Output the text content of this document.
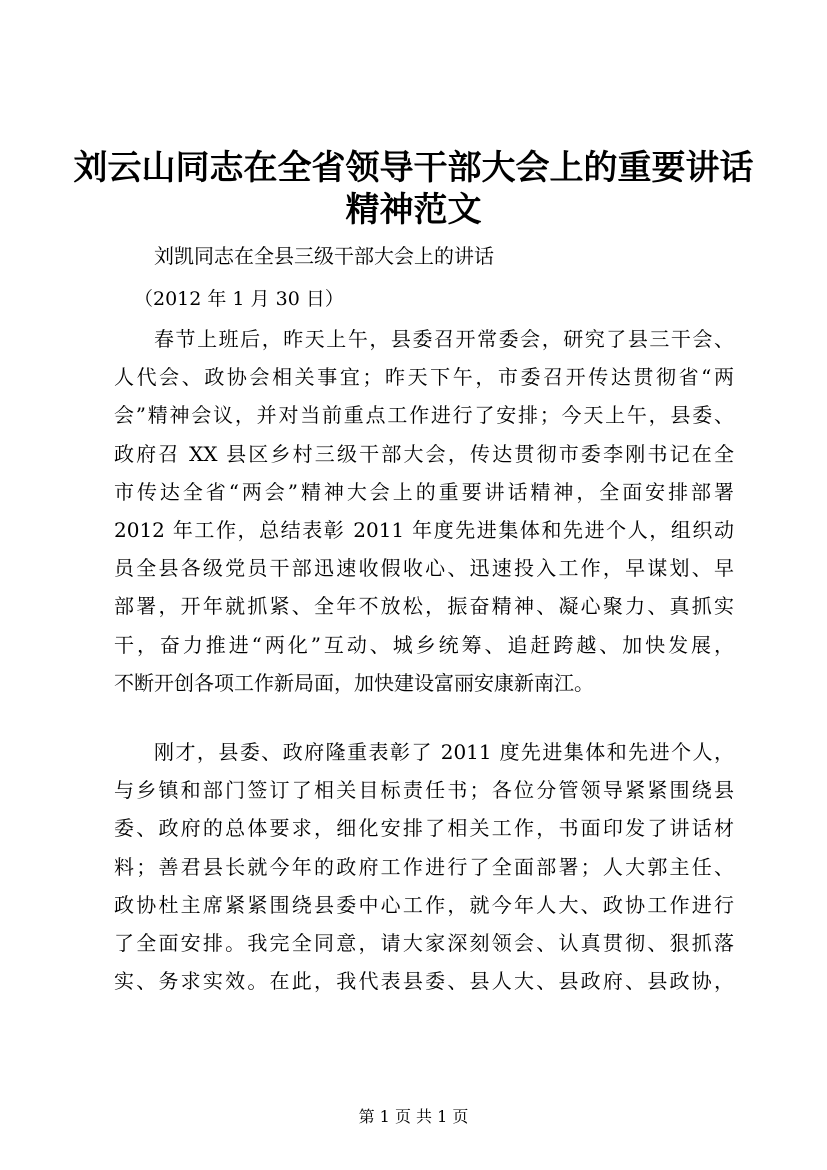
刘云山同志在全省领导干部大会上的重要讲话
精神范文

刘凯同志在全县三级干部大会上的讲话

（2012 年 1 月 30 日）

春节上班后，昨天上午，县委召开常委会，研究了县三干会、
人代会、政协会相关事宜；昨天下午，市委召开传达贯彻省“两
会”精神会议，并对当前重点工作进行了安排；今天上午，县委、
政府召 XX 县区乡村三级干部大会，传达贯彻市委李刚书记在全
市传达全省“两会”精神大会上的重要讲话精神，全面安排部署
2012 年工作，总结表彰 2011 年度先进集体和先进个人，组织动
员全县各级党员干部迅速收假收心、迅速投入工作，早谋划、早
部署，开年就抓紧、全年不放松，振奋精神、凝心聚力、真抓实
干，奋力推进“两化”互动、城乡统筹、追赶跨越、加快发展，
不断开创各项工作新局面，加快建设富丽安康新南江。
刚才，县委、政府隆重表彰了 2011 度先进集体和先进个人，
与乡镇和部门签订了相关目标责任书；各位分管领导紧紧围绕县
委、政府的总体要求，细化安排了相关工作，书面印发了讲话材
料；善君县长就今年的政府工作进行了全面部署；人大郭主任、
政协杜主席紧紧围绕县委中心工作，就今年人大、政协工作进行
了全面安排。我完全同意，请大家深刻领会、认真贯彻、狠抓落
实、务求实效。在此，我代表县委、县人大、县政府、县政协，

第 1 页 共 1 页
